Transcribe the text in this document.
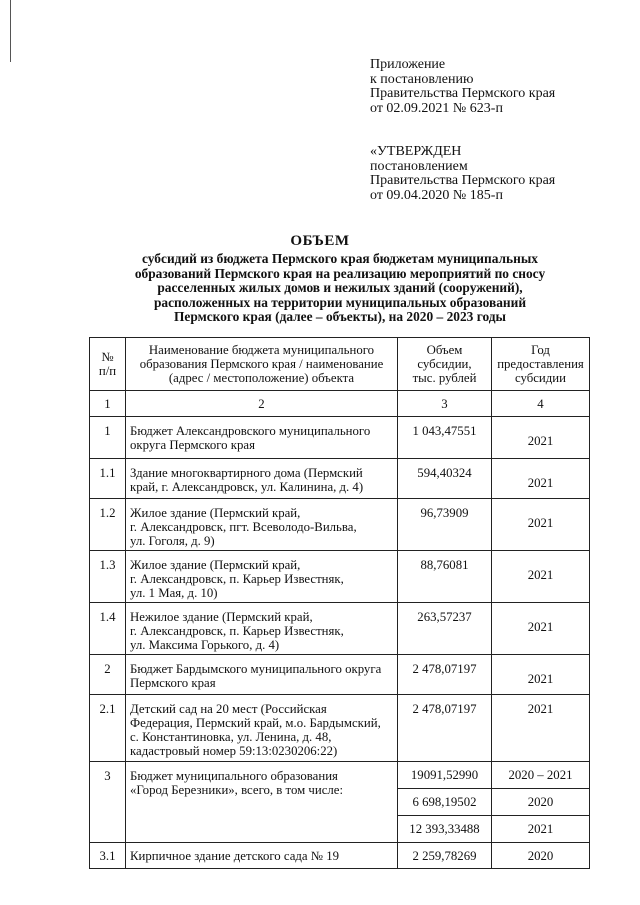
Приложение
к постановлению
Правительства Пермского края
от 02.09.2021 № 623-п
«УТВЕРЖДЕН
постановлением
Правительства Пермского края
от 09.04.2020 № 185-п
ОБЪЕМ
субсидий из бюджета Пермского края бюджетам муниципальных
образований Пермского края на реализацию мероприятий по сносу
расселенных жилых домов и нежилых зданий (сооружений),
расположенных на территории муниципальных образований
Пермского края (далее – объекты), на 2020 – 2023 годы
№
п/п	Наименование бюджета муниципального
образования Пермского края / наименование
(адрес / местоположение) объекта	Объем
субсидии,
тыс. рублей	Год
предоставления
субсидии

1	2	3	4
1	Бюджет Александровского муниципального
округа Пермского края	1 043,47551	2021
1.1	Здание многоквартирного дома (Пермский
край, г. Александровск, ул. Калинина, д. 4)	594,40324	2021
1.2	Жилое здание (Пермский край,
г. Александровск, пгт. Всеволодо-Вильва,
ул. Гоголя, д. 9)	96,73909	2021
1.3	Жилое здание (Пермский край,
г. Александровск, п. Карьер Известняк,
ул. 1 Мая, д. 10)	88,76081	2021
1.4	Нежилое здание (Пермский край,
г. Александровск, п. Карьер Известняк,
ул. Максима Горького, д. 4)	263,57237	2021
2	Бюджет Бардымского муниципального округа
Пермского края	2 478,07197	2021
2.1	Детский сад на 20 мест (Российская
Федерация, Пермский край, м.о. Бардымский,
с. Константиновка, ул. Ленина, д. 48,
кадастровый номер 59:13:0230206:22)	2 478,07197	2021
3	Бюджет муниципального образования
«Город Березники», всего, в том числе:	19091,52990	2020 – 2021
		6 698,19502	2020
		12 393,33488	2021
3.1	Кирпичное здание детского сада № 19	2 259,78269	2020
